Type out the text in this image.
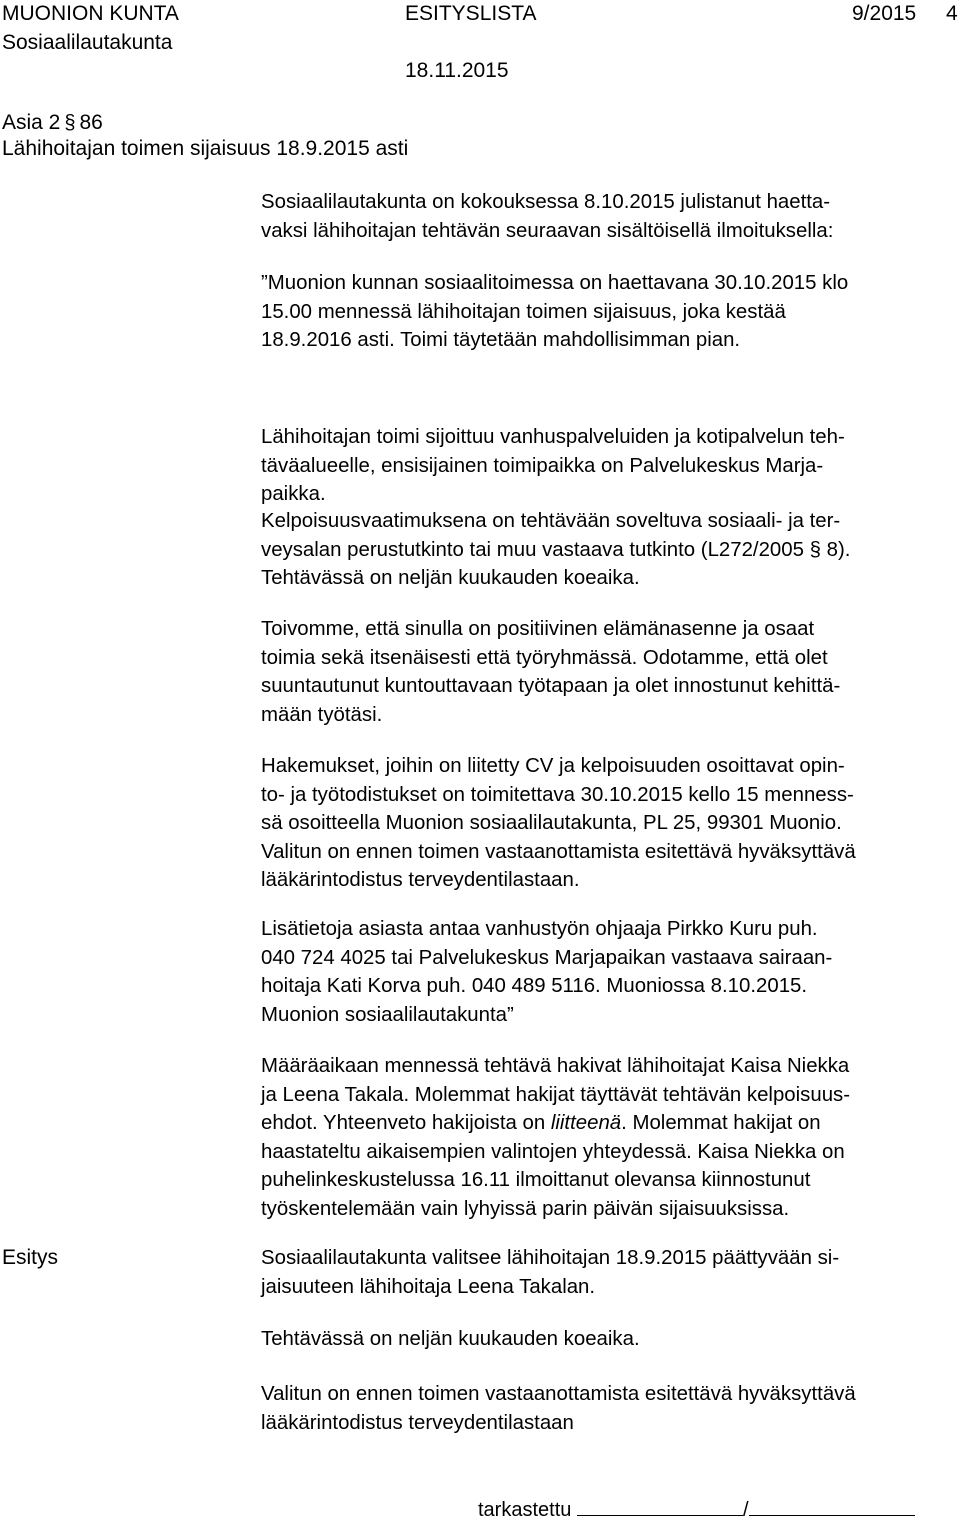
MUONION KUNTA	ESITYSLISTA	9/2015 4
Sosiaalilautakunta
18.11.2015
Asia 2 § 86
Lähihoitajan toimen sijaisuus 18.9.2015 asti
Sosiaalilautakunta on kokouksessa 8.10.2015 julistanut haetta-
vaksi lähihoitajan tehtävän seuraavan sisältöisellä ilmoituksella:
”Muonion kunnan sosiaalitoimessa on haettavana 30.10.2015 klo
15.00 mennessä lähihoitajan toimen sijaisuus, joka kestää
18.9.2016 asti. Toimi täytetään mahdollisimman pian.
Lähihoitajan toimi sijoittuu vanhuspalveluiden ja kotipalvelun teh-
täväalueelle, ensisijainen toimipaikka on Palvelukeskus Marja-
paikka.
Kelpoisuusvaatimuksena on tehtävään soveltuva sosiaali- ja ter-
veysalan perustutkinto tai muu vastaava tutkinto (L272/2005 § 8).
Tehtävässä on neljän kuukauden koeaika.
Toivomme, että sinulla on positiivinen elämänasenne ja osaat
toimia sekä itsenäisesti että työryhmässä. Odotamme, että olet
suuntautunut kuntouttavaan työtapaan ja olet innostunut kehittä-
mään työtäsi.
Hakemukset, joihin on liitetty CV ja kelpoisuuden osoittavat opin-
to- ja työtodistukset on toimitettava 30.10.2015 kello 15 menness-
sä osoitteella Muonion sosiaalilautakunta, PL 25, 99301 Muonio.
Valitun on ennen toimen vastaanottamista esitettävä hyväksyttävä
lääkärintodistus terveydentilastaan.
Lisätietoja asiasta antaa vanhustyön ohjaaja Pirkko Kuru puh.
040 724 4025 tai Palvelukeskus Marjapaikan vastaava sairaan-
hoitaja Kati Korva puh. 040 489 5116. Muoniossa 8.10.2015.
Muonion sosiaalilautakunta”
Määräaikaan mennessä tehtävä hakivat lähihoitajat Kaisa Niekka
ja Leena Takala. Molemmat hakijat täyttävät tehtävän kelpoisuus-
ehdot. Yhteenveto hakijoista on liitteenä. Molemmat hakijat on
haastateltu aikaisempien valintojen yhteydessä. Kaisa Niekka on
puhelinkeskustelussa 16.11 ilmoittanut olevansa kiinnostunut
työskentelemään vain lyhyissä parin päivän sijaisuuksissa.
Esitys	Sosiaalilautakunta valitsee lähihoitajan 18.9.2015 päättyvään si-
jaisuuteen lähihoitaja Leena Takalan.
Tehtävässä on neljän kuukauden koeaika.
Valitun on ennen toimen vastaanottamista esitettävä hyväksyttävä
lääkärintodistus terveydentilastaan
tarkastettu	/
